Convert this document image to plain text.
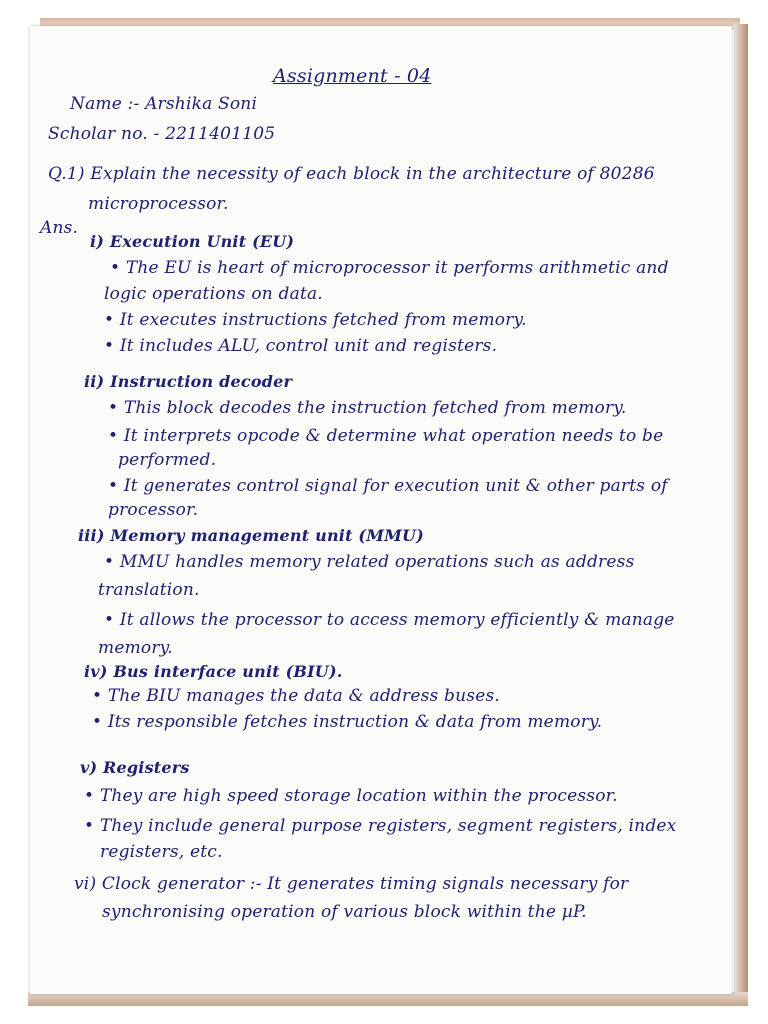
Assignment - 04

Name :- Arshika Soni

Scholar no. - 2211401105

Q.1) Explain the necessity of each block in the architecture of 80286

microprocessor.

Ans.

i) Execution Unit (EU)

• The EU is heart of microprocessor it performs arithmetic and

logic operations on data.

• It executes instructions fetched from memory.

• It includes ALU, control unit and registers.

ii) Instruction decoder

• This block decodes the instruction fetched from memory.

• It interprets opcode & determine what operation needs to be

performed.

• It generates control signal for execution unit & other parts of

processor.

iii) Memory management unit (MMU)

• MMU handles memory related operations such as address

translation.

• It allows the processor to access memory efficiently & manage

memory.

iv) Bus interface unit (BIU).

• The BIU manages the data & address buses.

• Its responsible fetches instruction & data from memory.

v) Registers

• They are high speed storage location within the processor.

• They include general purpose registers, segment registers, index

registers, etc.

vi) Clock generator :- It generates timing signals necessary for

synchronising operation of various block within the µP.
